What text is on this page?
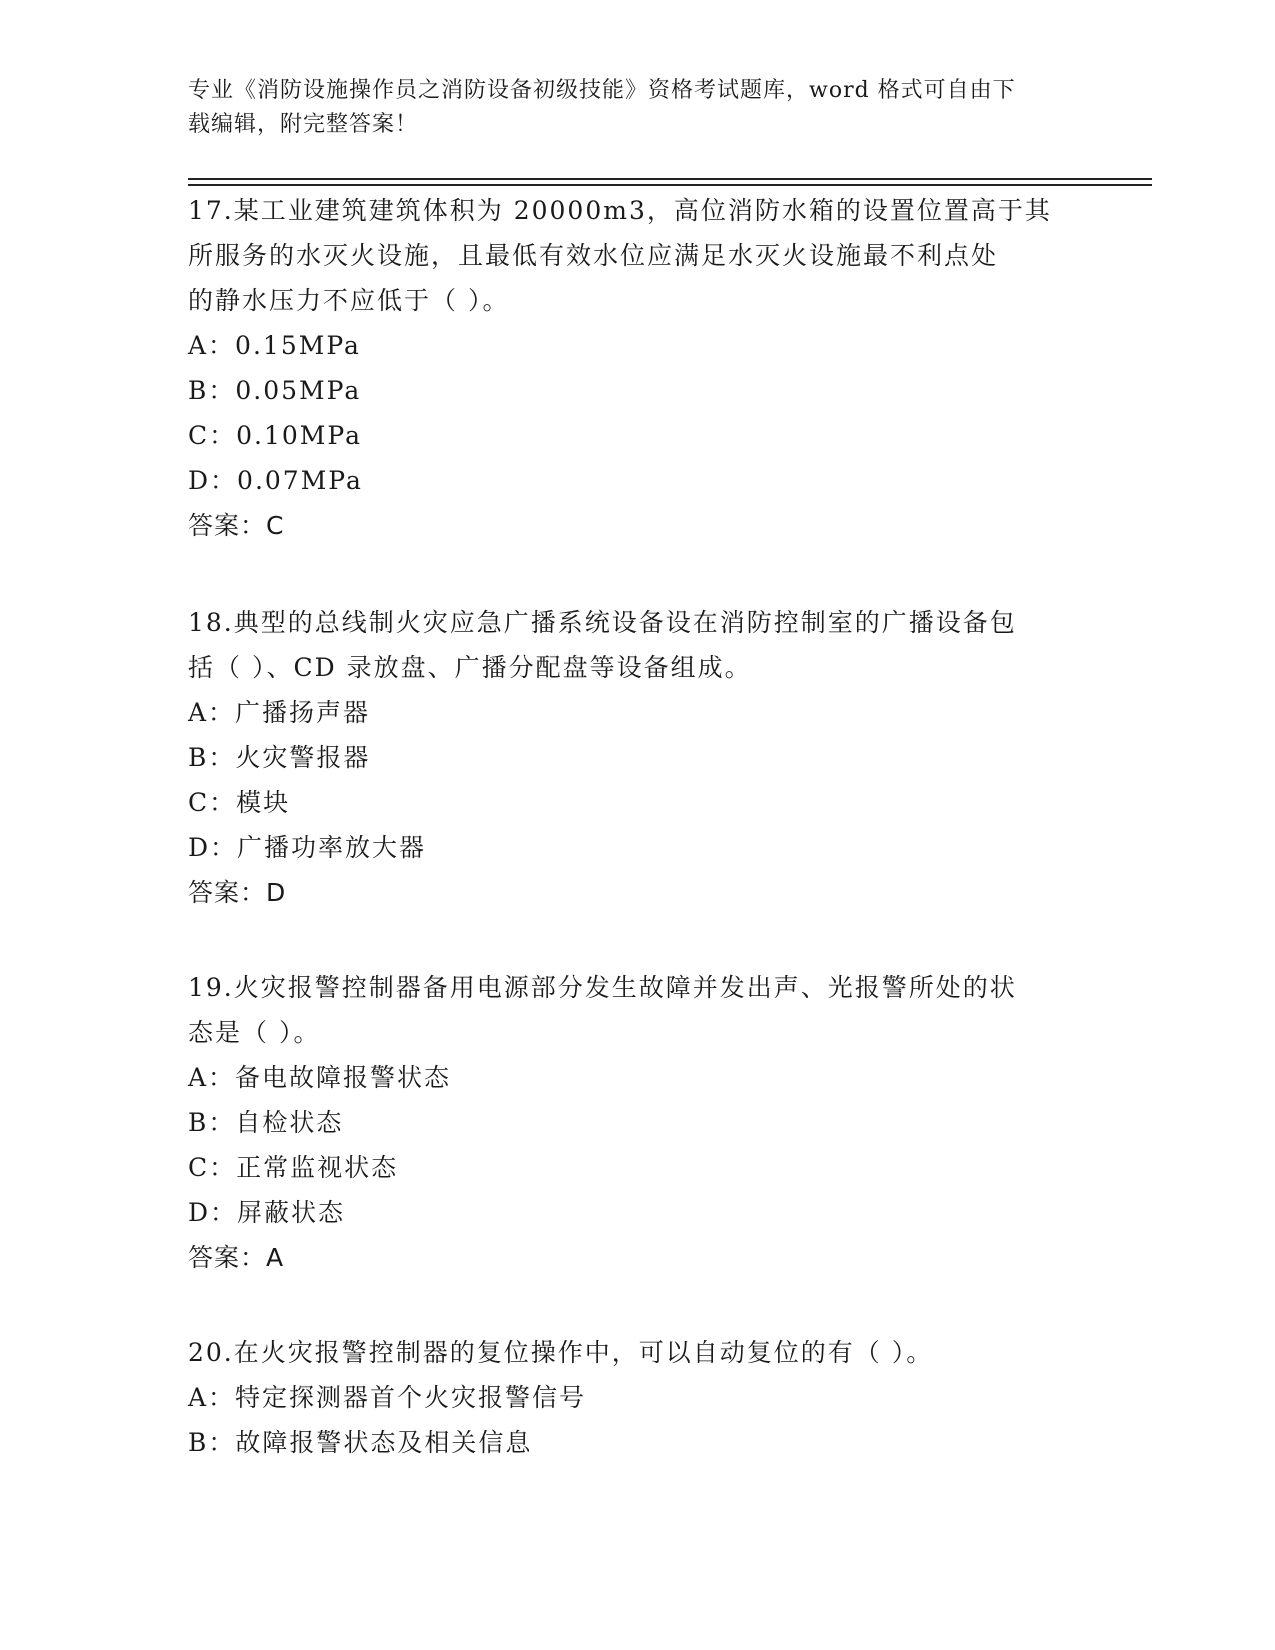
专业《消防设施操作员之消防设备初级技能》资格考试题库，word 格式可自由下
载编辑，附完整答案！
17.某工业建筑建筑体积为 20000m3，高位消防水箱的设置位置高于其
所服务的水灭火设施，且最低有效水位应满足水灭火设施最不利点处
的静水压力不应低于（ ）。
A：0.15MPa
B：0.05MPa
C：0.10MPa
D：0.07MPa
答案：C
18.典型的总线制火灾应急广播系统设备设在消防控制室的广播设备包
括（ ）、CD 录放盘、广播分配盘等设备组成。
A：广播扬声器
B：火灾警报器
C：模块
D：广播功率放大器
答案：D
19.火灾报警控制器备用电源部分发生故障并发出声、光报警所处的状
态是（ ）。
A：备电故障报警状态
B：自检状态
C：正常监视状态
D：屏蔽状态
答案：A
20.在火灾报警控制器的复位操作中，可以自动复位的有（ ）。
A：特定探测器首个火灾报警信号
B：故障报警状态及相关信息
